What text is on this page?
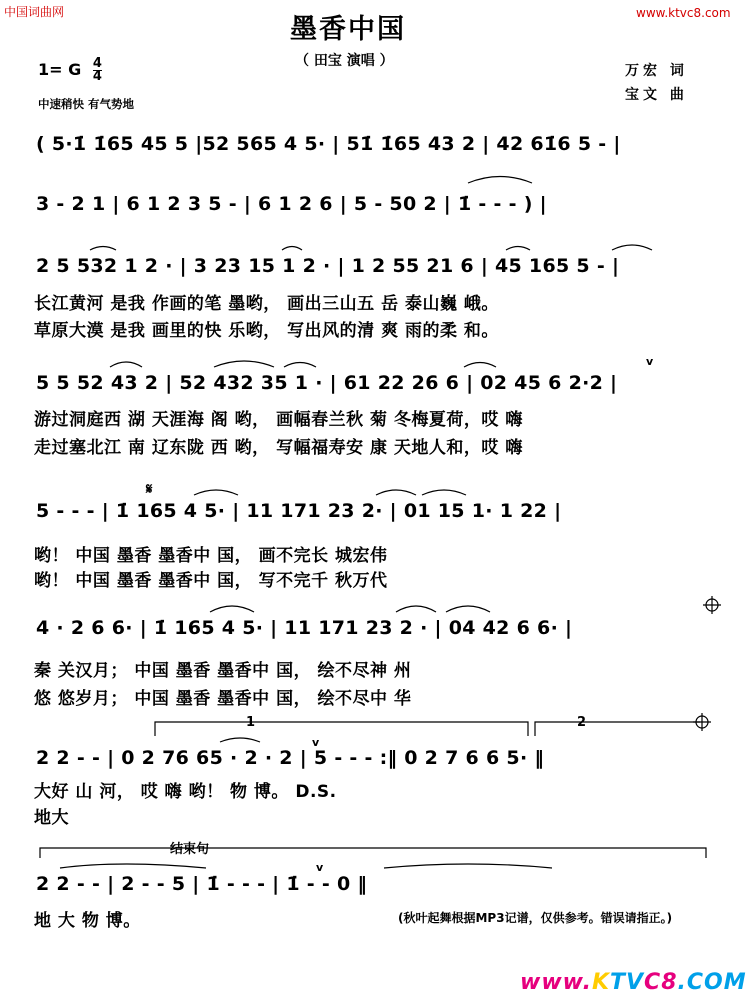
中国词曲网	www.ktvc8.com
墨香中国
（ 田宝 演唱 ）
1= G $\frac{4}{4}$
中速稍快 有气势地
万宏 词
宝文 曲
( 5·1̇ 1̇65 45 5 |52 565 4 5· | 51̇ 1̇65 43 2 | 42 61̇6 5 - |
3 - 2 1 | 6 1 2 3 5 - | 6 1 2 6 | 5 - 50 2 | 1̇ - - - ) |
2 5 532 1 2 · | 3 23 15 1 2 · | 1 2 55 21 6 | 45 165 5 - |
长江黄河 是我 作画的笔 墨哟， 画出三山五 岳 泰山巍 峨。
草原大漠 是我 画里的快 乐哟， 写出风的清 爽 雨的柔 和。
5 5 52 43 2 | 52 432 35 1 · | 61 22 26 6 | 02 45 6 2·2 |
游过洞庭西 湖 天涯海 阁 哟， 画幅春兰秋 菊 冬梅夏荷，哎 嗨
走过塞北江 南 辽东陇 西 哟， 写幅福寿安 康 天地人和，哎 嗨
5 - - - | 1̇ 165 4 5· | 11 171 23 2· | 01 15 1· 1 22 |
哟！ 中国 墨香 墨香中 国， 画不完长 城宏伟
哟！ 中国 墨香 墨香中 国， 写不完千 秋万代
4 · 2 6 6· | 1̇ 165 4 5· | 11 171 23 2 · | 04 42 6 6· |
秦 关汉月； 中国 墨香 墨香中 国， 绘不尽神 州
悠 悠岁月； 中国 墨香 墨香中 国， 绘不尽中 华
1	2
2 2 - - | 0 2 76 65 · 2 · 2 | 5 - - - :‖ 0 2 7 6 6 5· ‖
大好 山 河， 哎 嗨 哟！ 物 博。 D.S.
地大
结束句
2 2 - - | 2 - - 5 | 1̇ - - - | 1̇ - - 0 ‖
地 大 物 博。	(秋叶起舞根据MP3记谱，仅供参考。错误请指正。)
www.KTVC8.COM
𝄋
v
v
v
